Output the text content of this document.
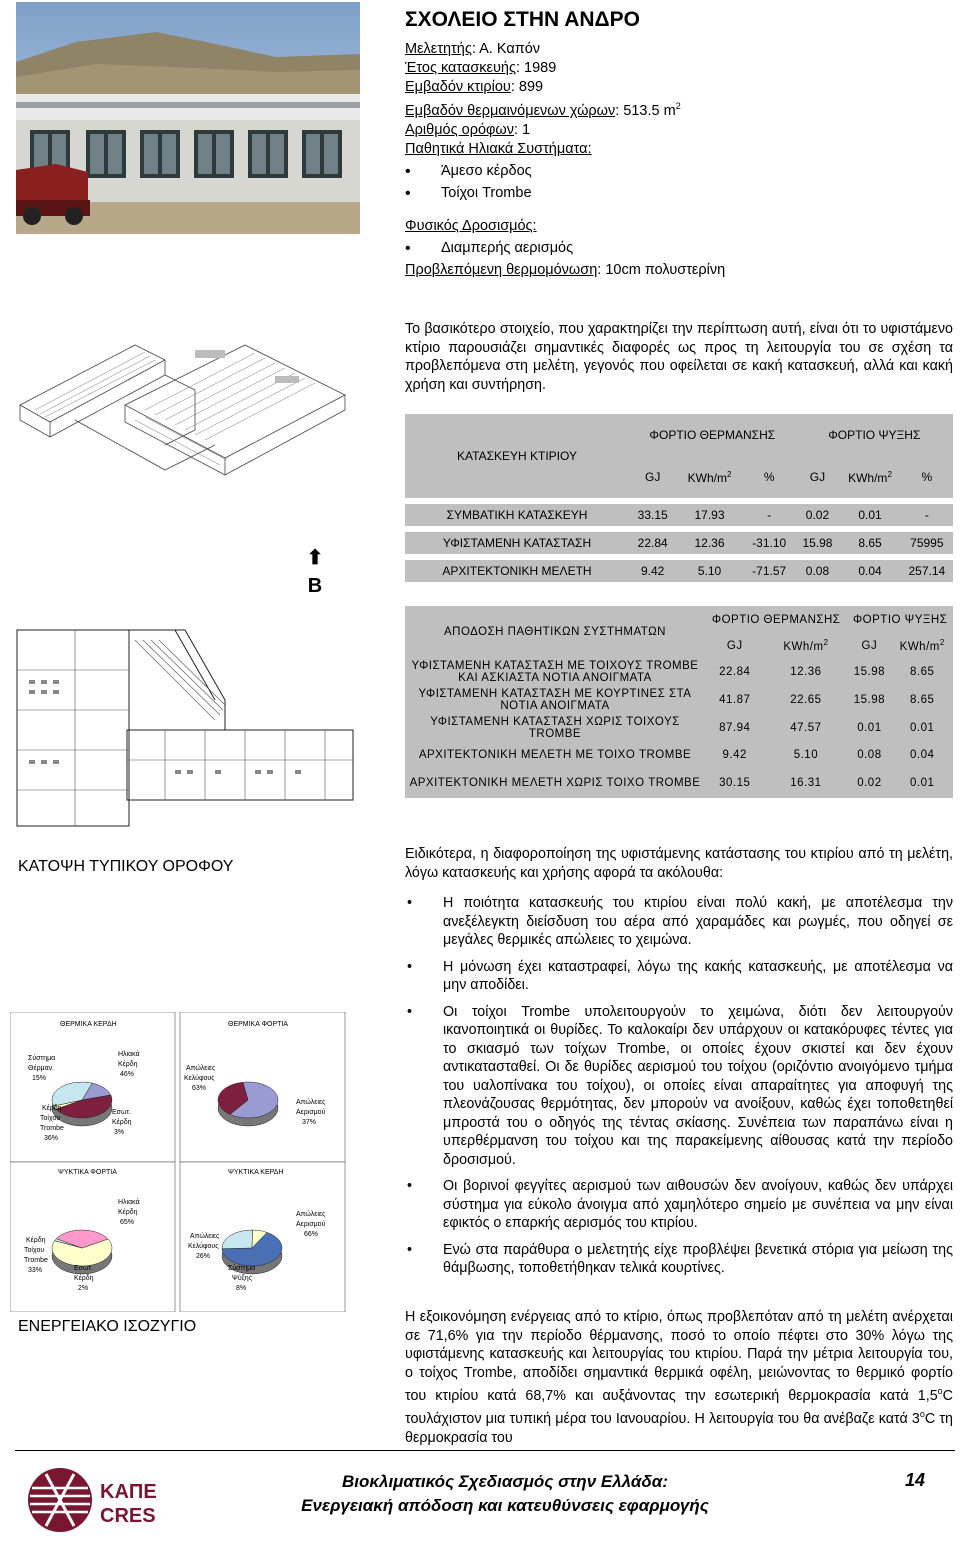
ΣΧΟΛΕΙΟ ΣΤΗΝ ΑΝΔΡΟ
Μελετητής: Α. Καπόν
Έτος κατασκευής: 1989
Εμβαδόν κτιρίου: 899
Εμβαδόν θερμαινόμενων χώρων: 513.5 $m^2$
Αριθμός ορόφων: 1
Παθητικά Ηλιακά Συστήματα:
• Άμεσο κέρδος
• Τοίχοι Trombe
Φυσικός Δροσισμός:
• Διαμπερής αερισμός
Προβλεπόμενη θερμομόνωση: 10cm πολυστερίνη
Το βασικότερο στοιχείο, που χαρακτηρίζει την περίπτωση αυτή, είναι ότι το υφιστάμενο κτίριο παρουσιάζει σημαντικές διαφορές ως προς τη λειτουργία του σε σχέση τα προβλεπόμενα στη μελέτη, γεγονός που οφείλεται σε κακή κατασκευή, αλλά και κακή χρήση και συντήρηση.
ΚΑΤΑΣΚΕΥΗ ΚΤΙΡΙΟΥ	ΦΟΡΤΙΟ ΘΕΡΜΑΝΣΗΣ			ΦΟΡΤΙΟ ΨΥΞΗΣ		
	GJ	KWh/$m^2$	%	GJ	KWh/$m^2$	%

ΣΥΜΒΑΤΙΚΗ ΚΑΤΑΣΚΕΥΗ	33.15	17.93	-	0.02	0.01	-

ΥΦΙΣΤΑΜΕΝΗ ΚΑΤΑΣΤΑΣΗ	22.84	12.36	-31.10	15.98	8.65	75995

ΑΡΧΙΤΕΚΤΟΝΙΚΗ ΜΕΛΕΤΗ	9.42	5.10	-71.57	0.08	0.04	257.14
⬆
Β
ΑΠΟΔΟΣΗ ΠΑΘΗΤΙΚΩΝ ΣΥΣΤΗΜΑΤΩΝ	ΦΟΡΤΙΟ ΘΕΡΜΑΝΣΗΣ		ΦΟΡΤΙΟ ΨΥΞΗΣ	
	GJ	KWh/$m^2$	GJ	KWh/$m^2$
ΥΦΙΣΤΑΜΕΝΗ ΚΑΤΑΣΤΑΣΗ ΜΕ ΤΟΙΧΟΥΣ TROMBE ΚΑΙ ΑΣΚΙΑΣΤΑ ΝΟΤΙΑ ΑΝΟΙΓΜΑΤΑ	22.84	12.36	15.98	8.65
ΥΦΙΣΤΑΜΕΝΗ ΚΑΤΑΣΤΑΣΗ ΜΕ ΚΟΥΡΤΙΝΕΣ ΣΤΑ ΝΟΤΙΑ ΑΝΟΙΓΜΑΤΑ	41.87	22.65	15.98	8.65
ΥΦΙΣΤΑΜΕΝΗ ΚΑΤΑΣΤΑΣΗ ΧΩΡΙΣ ΤΟΙΧΟΥΣ TROMBE	87.94	47.57	0.01	0.01
ΑΡΧΙΤΕΚΤΟΝΙΚΗ ΜΕΛΕΤΗ ΜΕ ΤΟΙΧΟ TROMBE	9.42	5.10	0.08	0.04
ΑΡΧΙΤΕΚΤΟΝΙΚΗ ΜΕΛΕΤΗ ΧΩΡΙΣ ΤΟΙΧΟ TROMBE	30.15	16.31	0.02	0.01
ΚΑΤΟΨΗ ΤΥΠΙΚΟΥ ΟΡΟΦΟΥ
Ειδικότερα, η διαφοροποίηση της υφιστάμενης κατάστασης του κτιρίου από τη μελέτη, λόγω κατασκευής και χρήσης αφορά τα ακόλουθα:
• Η ποιότητα κατασκευής του κτιρίου είναι πολύ κακή, με αποτέλεσμα την ανεξέλεγκτη διείσδυση του αέρα από χαραμάδες και ρωγμές, που οδηγεί σε μεγάλες θερμικές απώλειες το χειμώνα.
• Η μόνωση έχει καταστραφεί, λόγω της κακής κατασκευής, με αποτέλεσμα να μην αποδίδει.
• Οι τοίχοι Trombe υπολειτουργούν το χειμώνα, διότι δεν λειτουργούν ικανοποιητικά οι θυρίδες. Το καλοκαίρι δεν υπάρχουν οι κατακόρυφες τέντες για το σκιασμό των τοίχων Trombe, οι οποίες έχουν σκιστεί και δεν έχουν αντικατασταθεί. Οι δε θυρίδες αερισμού του τοίχου (οριζόντιο ανοιγόμενο τμήμα του υαλοπίνακα του τοίχου), οι οποίες είναι απαραίτητες για αποφυγή της πλεονάζουσας θερμότητας, δεν μπορούν να ανοίξουν, καθώς έχει τοποθετηθεί μπροστά του ο οδηγός της τέντας σκίασης. Συνέπεια των παραπάνω είναι η υπερθέρμανση του τοίχου και της παρακείμενης αίθουσας κατά την περίοδο δροσισμού.
• Οι βορινοί φεγγίτες αερισμού των αιθουσών δεν ανοίγουν, καθώς δεν υπάρχει σύστημα για εύκολο άνοιγμα από χαμηλότερο σημείο με συνέπεια να μην είναι εφικτός ο επαρκής αερισμός του κτιρίου.
• Ενώ στα παράθυρα ο μελετητής είχε προβλέψει βενετικά στόρια για μείωση της θάμβωσης, τοποθετήθηκαν τελικά κουρτίνες.
ΘΕΡΜΙΚΑ ΚΕΡΔΗ	ΘΕΡΜΙΚΑ ΦΟΡΤΙΑ
ΨΥΚΤΙΚΑ ΦΟΡΤΙΑ	ΨΥΚΤΙΚΑ ΚΕΡΔΗ
Σύστημα
Θέρμαν.
15%
Ηλιακά
Κέρδη
46%
Κέρδη
Τοίχου
Trombe
36%
Εσωτ.
Κέρδη
3%
Απώλειες
Κελύφους
63%
Απώλειες
Αερισμού
37%
Ηλιακά
Κέρδη
65%
Κέρδη
Τοίχου
Trombe
33%	Εσωτ.
Κέρδη
2%
Απώλειες
Αερισμού
66%
Απώλειες
Κελύφους
26%
Σύστημα
Ψύξης
8%
ΕΝΕΡΓΕΙΑΚΟ ΙΣΟΖΥΓΙΟ
Η εξοικονόμηση ενέργειας από το κτίριο, όπως προβλεπόταν από τη μελέτη ανέρχεται σε 71,6% για την περίοδο θέρμανσης, ποσό το οποίο πέφτει στο 30% λόγω της υφιστάμενης κατασκευής και λειτουργίας του κτιρίου. Παρά την μέτρια λειτουργία του, ο τοίχος Trombe, αποδίδει σημαντικά θερμικά οφέλη, μειώνοντας το θερμικό φορτίο του κτιρίου κατά 68,7% και αυξάνοντας την εσωτερική θερμοκρασία κατά 1,5$^o$C τουλάχιστον μια τυπική μέρα του Ιανουαρίου. Η λειτουργία του θα ανέβαζε κατά 3$^o$C τη θερμοκρασία του
ΚΑΠΕ
CRES
Βιοκλιματικός Σχεδιασμός στην Ελλάδα:
Ενεργειακή απόδοση και κατευθύνσεις εφαρμογής
14
